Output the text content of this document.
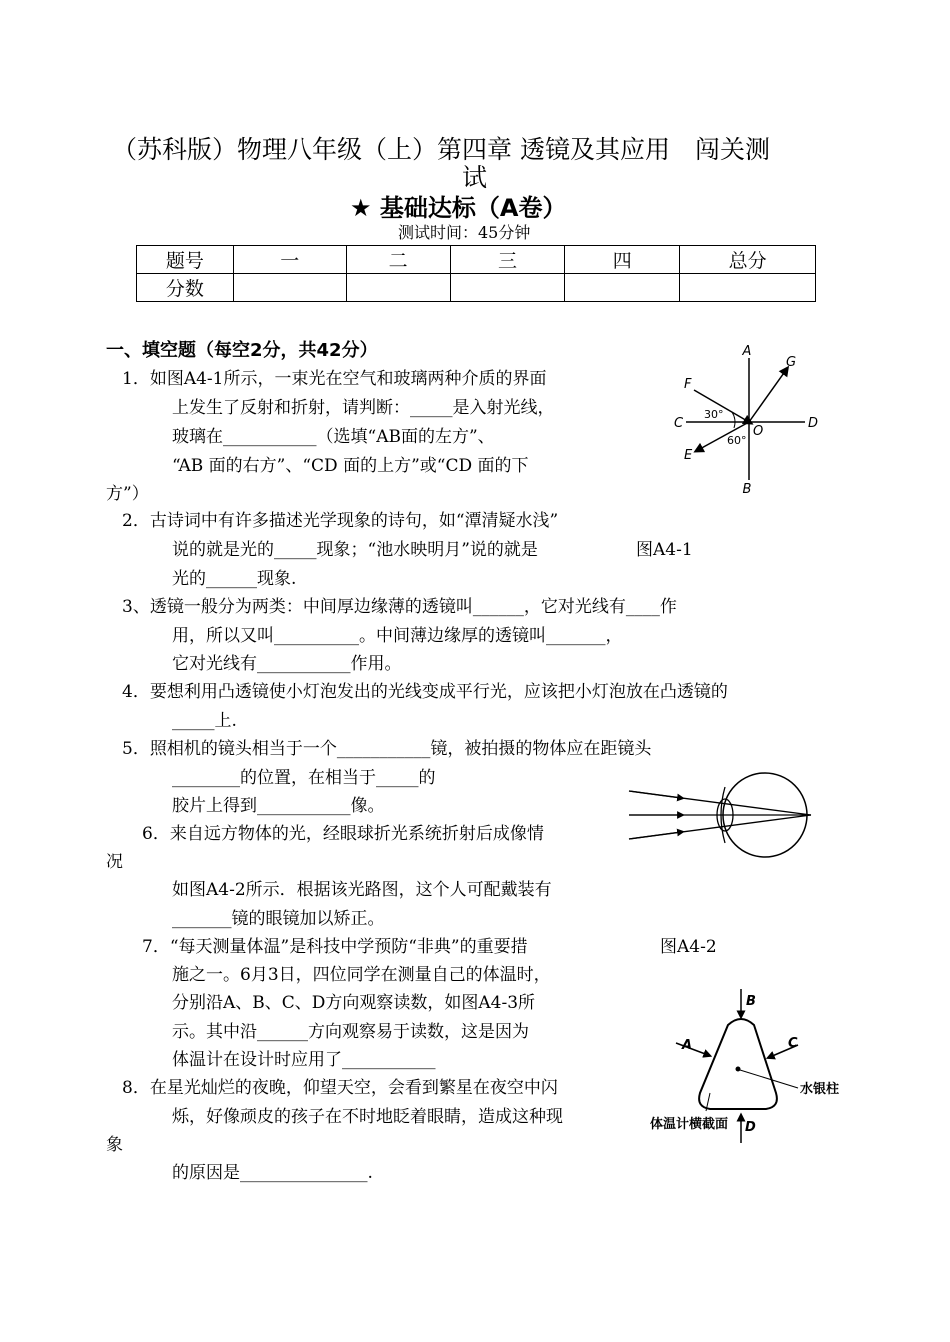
（苏科版）物理八年级（上）第四章 透镜及其应用　闯关测
试
★ 基础达标（A卷）
测试时间：45分钟
题号	一	二	三	四	总分
分数					
一、填空题（每空2分，共42分）
1．如图A4-1所示，一束光在空气和玻璃两种介质的界面
上发生了反射和折射，请判断：_____是入射光线，
玻璃在___________（选填“AB面的左方”、
“AB 面的右方”、“CD 面的上方”或“CD 面的下
方”）
2．古诗词中有许多描述光学现象的诗句，如“潭清疑水浅”
说的就是光的_____现象；“池水映明月”说的就是
光的______现象.
3、透镜一般分为两类：中间厚边缘薄的透镜叫______，它对光线有____作
用，所以又叫__________。中间薄边缘厚的透镜叫_______，
它对光线有___________作用。
4．要想利用凸透镜使小灯泡发出的光线变成平行光，应该把小灯泡放在凸透镜的
_____上.
5．照相机的镜头相当于一个___________镜，被拍摄的物体应在距镜头
________的位置，在相当于_____的
胶片上得到___________像。
6．来自远方物体的光，经眼球折光系统折射后成像情
况
如图A4-2所示．根据该光路图，这个人可配戴装有
_______镜的眼镜加以矫正。
7．“每天测量体温”是科技中学预防“非典”的重要措
施之一。6月3日，四位同学在测量自己的体温时，
分别沿A、B、C、D方向观察读数，如图A4-3所
示。其中沿______方向观察易于读数，这是因为
体温计在设计时应用了___________
8．在星光灿烂的夜晚，仰望天空，会看到繁星在夜空中闪
烁，好像顽皮的孩子在不时地眨着眼睛，造成这种现
象
的原因是_______________.
图A4-1
图A4-2
A
B
C	D
E
F
G
O
30°
60°
B
A	C
D
水银柱
体温计横截面
